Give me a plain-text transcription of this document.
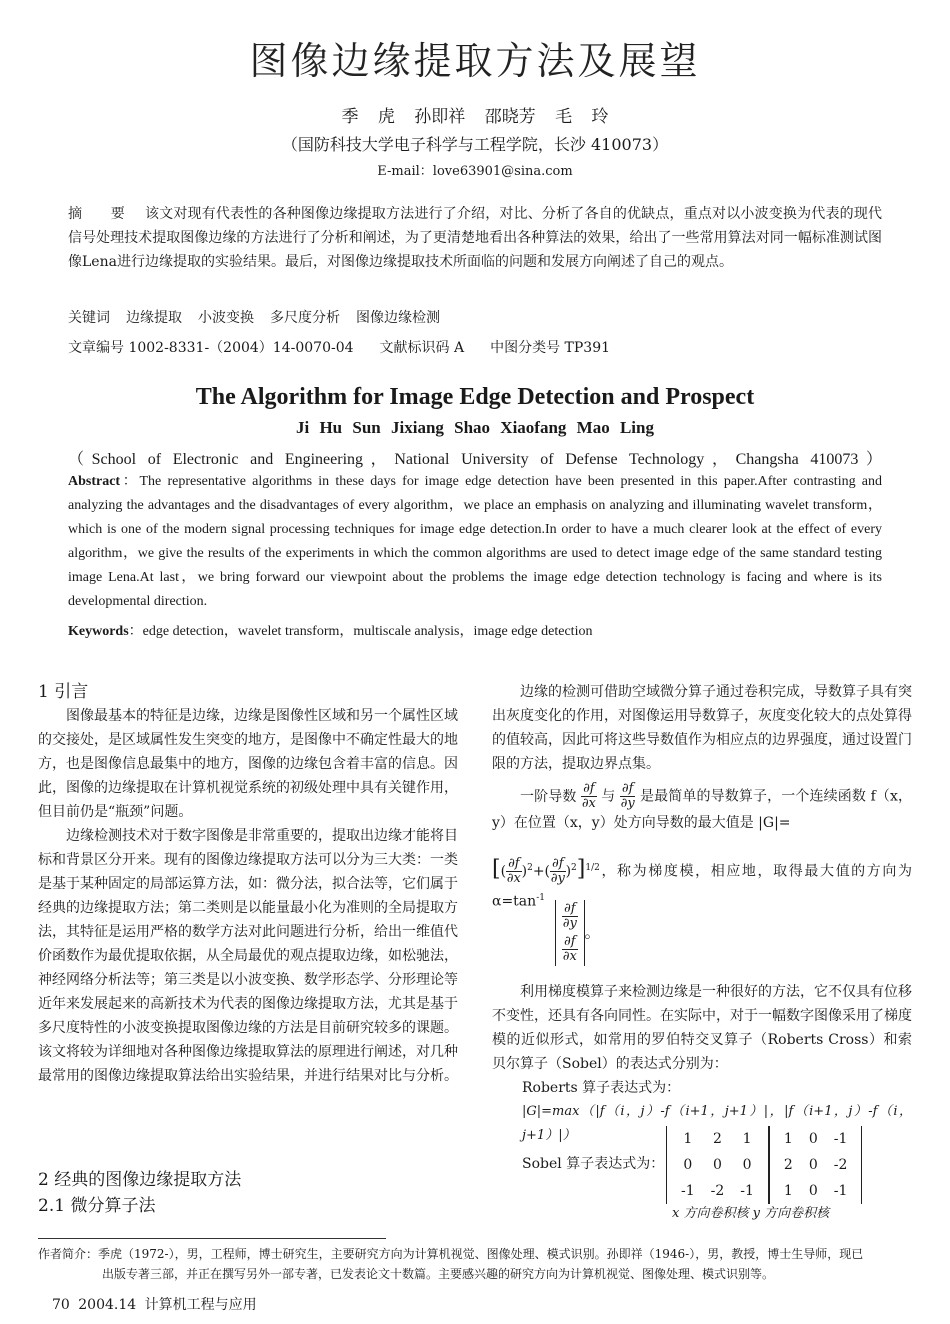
图像边缘提取方法及展望
季 虎 孙即祥 邵晓芳 毛 玲
（国防科技大学电子科学与工程学院，长沙 410073）
E-mail：love63901@sina.com
摘 要 该文对现有代表性的各种图像边缘提取方法进行了介绍，对比、分析了各自的优缺点，重点对以小波变换为代表的现代信号处理技术提取图像边缘的方法进行了分析和阐述，为了更清楚地看出各种算法的效果，给出了一些常用算法对同一幅标准测试图像Lena进行边缘提取的实验结果。最后，对图像边缘提取技术所面临的问题和发展方向阐述了自己的观点。
关键词 边缘提取 小波变换 多尺度分析 图像边缘检测
文章编号 1002-8331-（2004）14-0070-04 文献标识码 A 中图分类号 TP391
The Algorithm for Image Edge Detection and Prospect
Ji Hu Sun Jixiang Shao Xiaofang Mao Ling
（School of Electronic and Engineering，National University of Defense Technology，Changsha 410073）
Abstract：The representative algorithms in these days for image edge detection have been presented in this paper.After contrasting and analyzing the advantages and the disadvantages of every algorithm，we place an emphasis on analyzing and illuminating wavelet transform，which is one of the modern signal processing techniques for image edge detection.In order to have a much clearer look at the effect of every algorithm，we give the results of the experiments in which the common algorithms are used to detect image edge of the same standard testing image Lena.At last，we bring forward our viewpoint about the problems the image edge detection technology is facing and where is its developmental direction.
Keywords：edge detection，wavelet transform，multiscale analysis，image edge detection
1 引言

图像最基本的特征是边缘，边缘是图像性区域和另一个属性区域的交接处，是区域属性发生突变的地方，是图像中不确定性最大的地方，也是图像信息最集中的地方，图像的边缘包含着丰富的信息。因此，图像的边缘提取在计算机视觉系统的初级处理中具有关键作用，但目前仍是“瓶颈”问题。

边缘检测技术对于数字图像是非常重要的，提取出边缘才能将目标和背景区分开来。现有的图像边缘提取方法可以分为三大类：一类是基于某种固定的局部运算方法，如：微分法，拟合法等，它们属于经典的边缘提取方法；第二类则是以能量最小化为准则的全局提取方法，其特征是运用严格的数学方法对此问题进行分析，给出一维值代价函数作为最优提取依据，从全局最优的观点提取边缘，如松驰法，神经网络分析法等；第三类是以小波变换、数学形态学、分形理论等近年来发展起来的高新技术为代表的图像边缘提取方法，尤其是基于多尺度特性的小波变换提取图像边缘的方法是目前研究较多的课题。该文将较为详细地对各种图像边缘提取算法的原理进行阐述，对几种最常用的图像边缘提取算法给出实验结果，并进行结果对比与分析。

2 经典的图像边缘提取方法
2.1 微分算子法

边缘的检测可借助空域微分算子通过卷积完成，导数算子具有突出灰度变化的作用，对图像运用导数算子，灰度变化较大的点处算得的值较高，因此可将这些导数值作为相应点的边界强度，通过设置门限的方法，提取边界点集。

一阶导数 $\frac{\partial f}{\partial x}$ 与 $\frac{\partial f}{\partial y}$ 是最简单的导数算子，一个连续函数 f（x，y）在位置（x，y）处方向导数的最大值是 |G|=
[( $\frac{\partial f}{\partial x} )^2+( \frac{\partial f}{\partial y} )^2]^{1/2}$，称为梯度模，相应地，取得最大值的方向为 $\alpha=\tan^{-1}$
∂f
∂y
∂f
∂x
。

利用梯度模算子来检测边缘是一种很好的方法，它不仅具有位移不变性，还具有各向同性。在实际中，对于一幅数字图像采用了梯度模的近似形式，如常用的罗伯特交叉算子（Roberts Cross）和索贝尔算子（Sobel）的表达式分别为：

Roberts 算子表达式为：
|G|=max（|f（i，j）-f（i+1，j+1）|，|f（i+1，j）-f（i，j+1）|）
Sobel 算子表达式为：
1	2	1
0	0	0
-1	-2	-1
1	0	-1
2	0	-2
1	0	-1
x 方向卷积核 y 方向卷积核
作者简介：季虎（1972-），男，工程师，博士研究生，主要研究方向为计算机视觉、图像处理、模式识别。孙即祥（1946-），男，教授，博士生导师，现已
出版专著三部，并正在撰写另外一部专著，已发表论文十数篇。主要感兴趣的研究方向为计算机视觉、图像处理、模式识别等。
70 2004.14 计算机工程与应用
